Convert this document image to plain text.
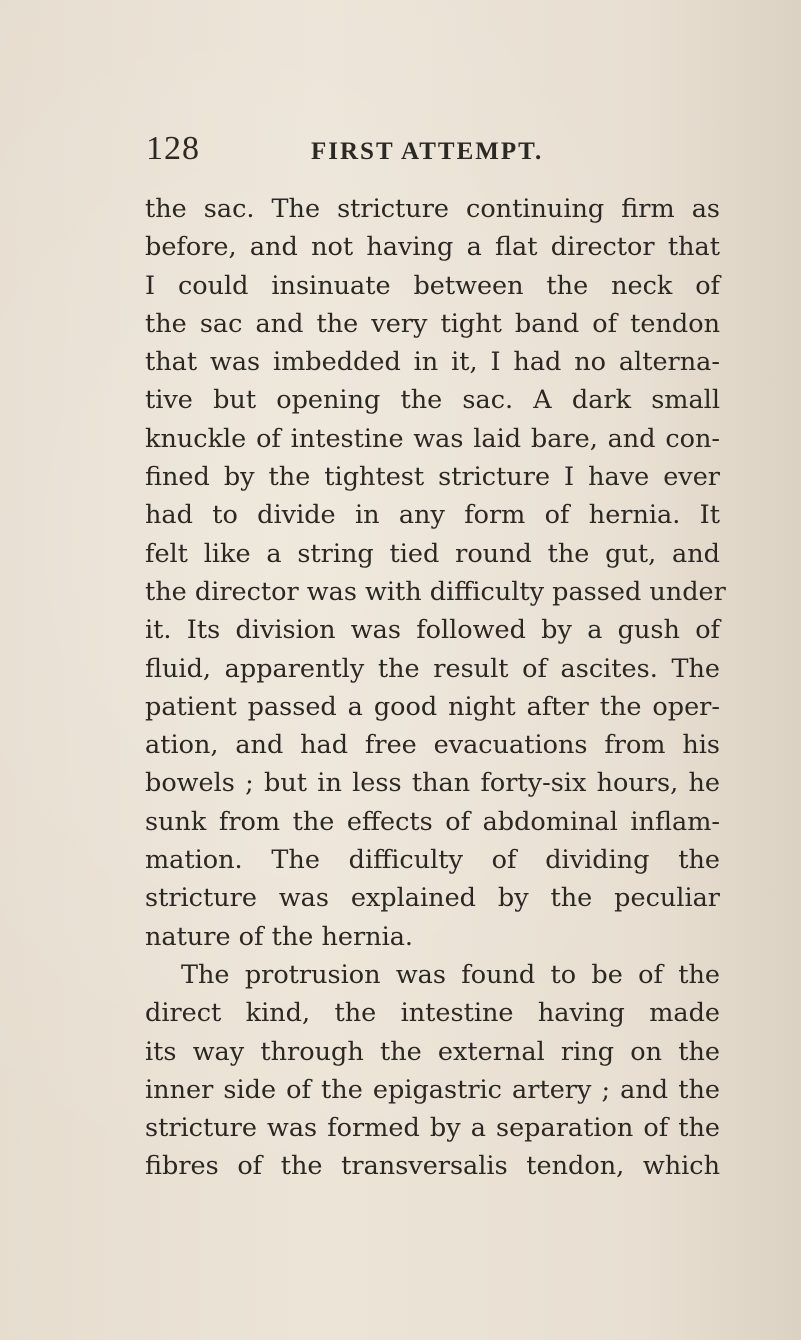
128	FIRST ATTEMPT.
the sac. The stricture continuing firm as
before, and not having a flat director that
I could insinuate between the neck of
the sac and the very tight band of tendon
that was imbedded in it, I had no alterna-
tive but opening the sac. A dark small
knuckle of intestine was laid bare, and con-
fined by the tightest stricture I have ever
had to divide in any form of hernia. It
felt like a string tied round the gut, and
the director was with difficulty passed under
it. Its division was followed by a gush of
fluid, apparently the result of ascites. The
patient passed a good night after the oper-
ation, and had free evacuations from his
bowels ; but in less than forty-six hours, he
sunk from the effects of abdominal inflam-
mation. The difficulty of dividing the
stricture was explained by the peculiar
nature of the hernia.
The protrusion was found to be of the
direct kind, the intestine having made
its way through the external ring on the
inner side of the epigastric artery ; and the
stricture was formed by a separation of the
fibres of the transversalis tendon, which
